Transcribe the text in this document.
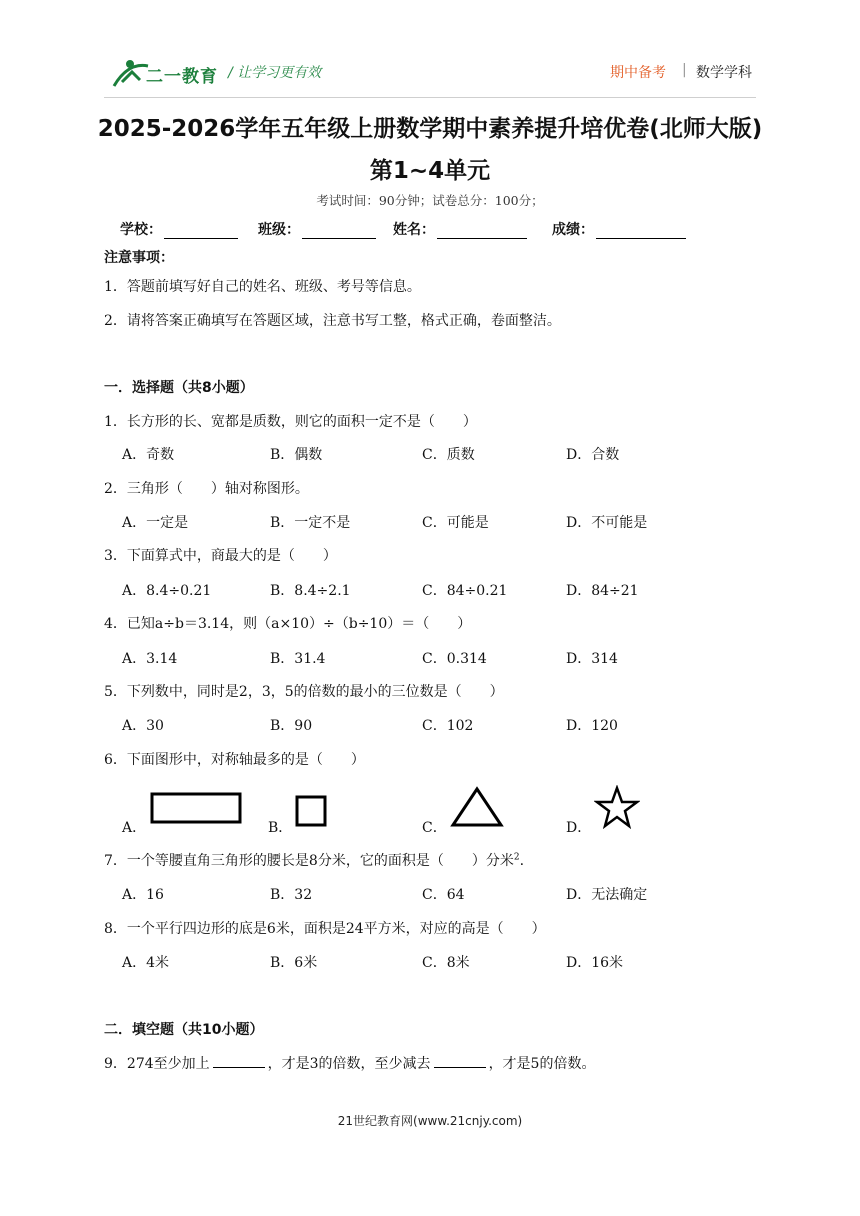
二一教育 / 让学习更有效	期中备考 | 数学学科
2025-2026学年五年级上册数学期中素养提升培优卷(北师大版)
第1~4单元
考试时间：90分钟；试卷总分：100分；
学校：	班级：	姓名：	成绩：
注意事项：
1．答题前填写好自己的姓名、班级、考号等信息。
2．请将答案正确填写在答题区域，注意书写工整，格式正确，卷面整洁。
一．选择题（共8小题）
1．长方形的长、宽都是质数，则它的面积一定不是（　　）
A．奇数	B．偶数	C．质数	D．合数
2．三角形（　　）轴对称图形。
A．一定是	B．一定不是	C．可能是	D．不可能是
3．下面算式中，商最大的是（　　）
A．8.4÷0.21	B．8.4÷2.1	C．84÷0.21	D．84÷21
4．已知a÷b＝3.14，则（a×10）÷（b÷10）＝（　　）
A．3.14	B．31.4	C．0.314	D．314
5．下列数中，同时是2，3，5的倍数的最小的三位数是（　　）
A．30	B．90	C．102	D．120
6．下面图形中，对称轴最多的是（　　）
A．	B．	C．	D．
7．一个等腰直角三角形的腰长是8分米，它的面积是（　　）分米$^2$.
A．16	B．32	C．64	D．无法确定
8．一个平行四边形的底是6米，面积是24平方米，对应的高是（　　）
A．4米	B．6米	C．8米	D．16米
二．填空题（共10小题）
9．274至少加上	，才是3的倍数，至少减去	，才是5的倍数。
21世纪教育网(www.21cnjy.com)
